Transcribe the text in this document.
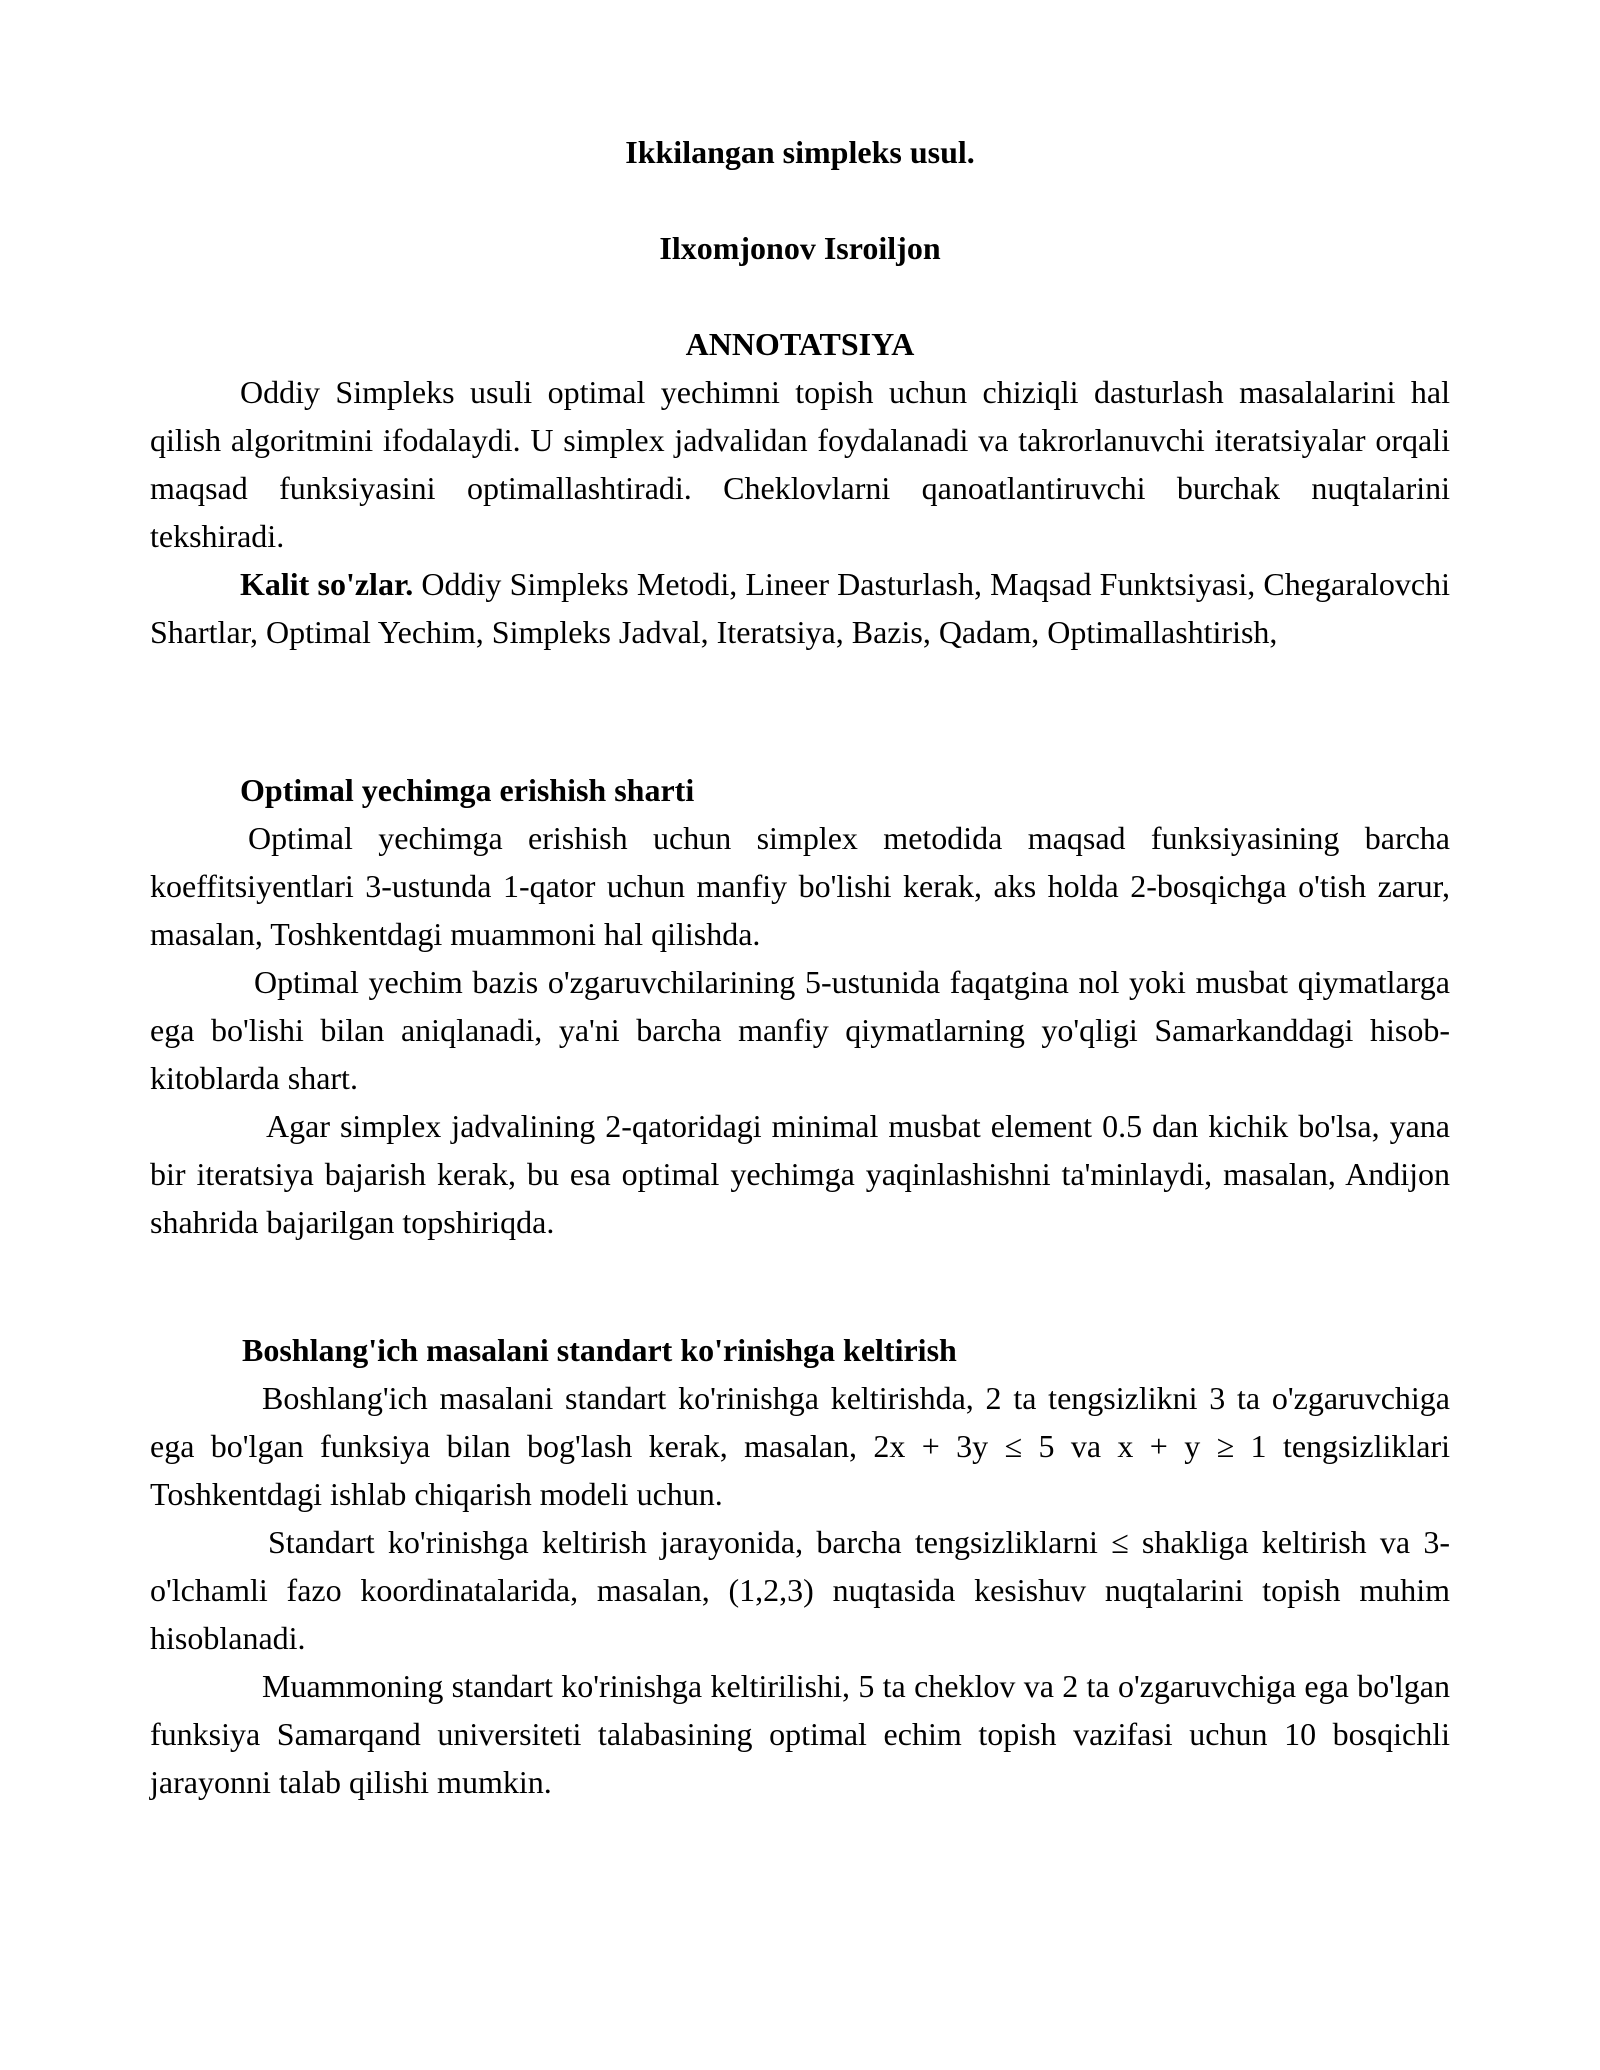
Ikkilangan simpleks usul.

Ilxomjonov Isroiljon

ANNOTATSIYA

Oddiy Simpleks usuli optimal yechimni topish uchun chiziqli dasturlash masalalarini hal qilish algoritmini ifodalaydi. U simplex jadvalidan foydalanadi va takrorlanuvchi iteratsiyalar orqali maqsad funksiyasini optimallashtiradi. Cheklovlarni qanoatlantiruvchi burchak nuqtalarini tekshiradi.

Kalit so'zlar. Oddiy Simpleks Metodi, Lineer Dasturlash, Maqsad Funktsiyasi, Chegaralovchi Shartlar, Optimal Yechim, Simpleks Jadval, Iteratsiya, Bazis, Qadam, Optimallashtirish,

Optimal yechimga erishish sharti

Optimal yechimga erishish uchun simplex metodida maqsad funksiyasining barcha koeffitsiyentlari 3-ustunda 1-qator uchun manfiy bo'lishi kerak, aks holda 2-bosqichga o'tish zarur, masalan, Toshkentdagi muammoni hal qilishda.

Optimal yechim bazis o'zgaruvchilarining 5-ustunida faqatgina nol yoki musbat qiymatlarga ega bo'lishi bilan aniqlanadi, ya'ni barcha manfiy qiymatlarning yo'qligi Samarkanddagi hisob-kitoblarda shart.

Agar simplex jadvalining 2-qatoridagi minimal musbat element 0.5 dan kichik bo'lsa, yana bir iteratsiya bajarish kerak, bu esa optimal yechimga yaqinlashishni ta'minlaydi, masalan, Andijon shahrida bajarilgan topshiriqda.

Boshlang'ich masalani standart ko'rinishga keltirish

Boshlang'ich masalani standart ko'rinishga keltirishda, 2 ta tengsizlikni 3 ta o'zgaruvchiga ega bo'lgan funksiya bilan bog'lash kerak, masalan, 2x + 3y ≤ 5 va x + y ≥ 1 tengsizliklari Toshkentdagi ishlab chiqarish modeli uchun.

Standart ko'rinishga keltirish jarayonida, barcha tengsizliklarni ≤ shakliga keltirish va 3-o'lchamli fazo koordinatalarida, masalan, (1,2,3) nuqtasida kesishuv nuqtalarini topish muhim hisoblanadi.

Muammoning standart ko'rinishga keltirilishi, 5 ta cheklov va 2 ta o'zgaruvchiga ega bo'lgan funksiya Samarqand universiteti talabasining optimal echim topish vazifasi uchun 10 bosqichli jarayonni talab qilishi mumkin.
